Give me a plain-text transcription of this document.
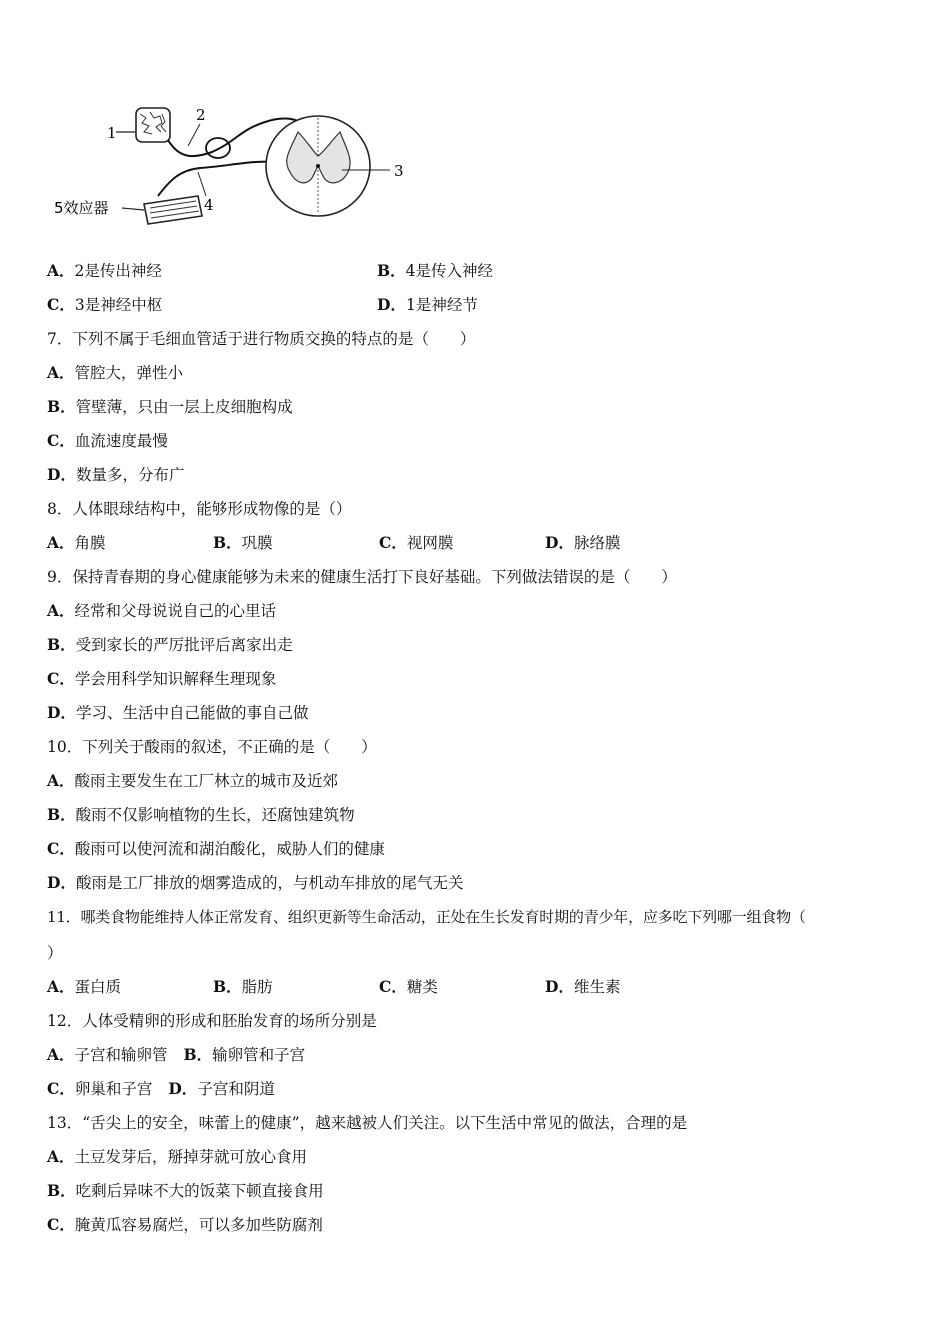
1
2
4
5效应器
3
A．2是传出神经	B．4是传入神经
C．3是神经中枢	D．1是神经节
7．下列不属于毛细血管适于进行物质交换的特点的是（　　）
A．管腔大，弹性小
B．管壁薄，只由一层上皮细胞构成
C．血流速度最慢
D．数量多，分布广
8．人体眼球结构中，能够形成物像的是（）
A．角膜	B．巩膜	C．视网膜	D．脉络膜
9．保持青春期的身心健康能够为未来的健康生活打下良好基础。下列做法错误的是（　　）
A．经常和父母说说自己的心里话
B．受到家长的严厉批评后离家出走
C．学会用科学知识解释生理现象
D．学习、生活中自己能做的事自己做
10．下列关于酸雨的叙述，不正确的是（　　）
A．酸雨主要发生在工厂林立的城市及近郊
B．酸雨不仅影响植物的生长，还腐蚀建筑物
C．酸雨可以使河流和湖泊酸化，威胁人们的健康
D．酸雨是工厂排放的烟雾造成的，与机动车排放的尾气无关
11．哪类食物能维持人体正常发育、组织更新等生命活动，正处在生长发育时期的青少年，应多吃下列哪一组食物（
）
A．蛋白质	B．脂肪	C．糖类	D．维生素
12．人体受精卵的形成和胚胎发育的场所分别是
A．子宫和输卵管 B．输卵管和子宫
C．卵巢和子宫 D．子宫和阴道
13．“舌尖上的安全，味蕾上的健康”，越来越被人们关注。以下生活中常见的做法，合理的是
A．土豆发芽后，掰掉芽就可放心食用
B．吃剩后异味不大的饭菜下顿直接食用
C．腌黄瓜容易腐烂，可以多加些防腐剂
